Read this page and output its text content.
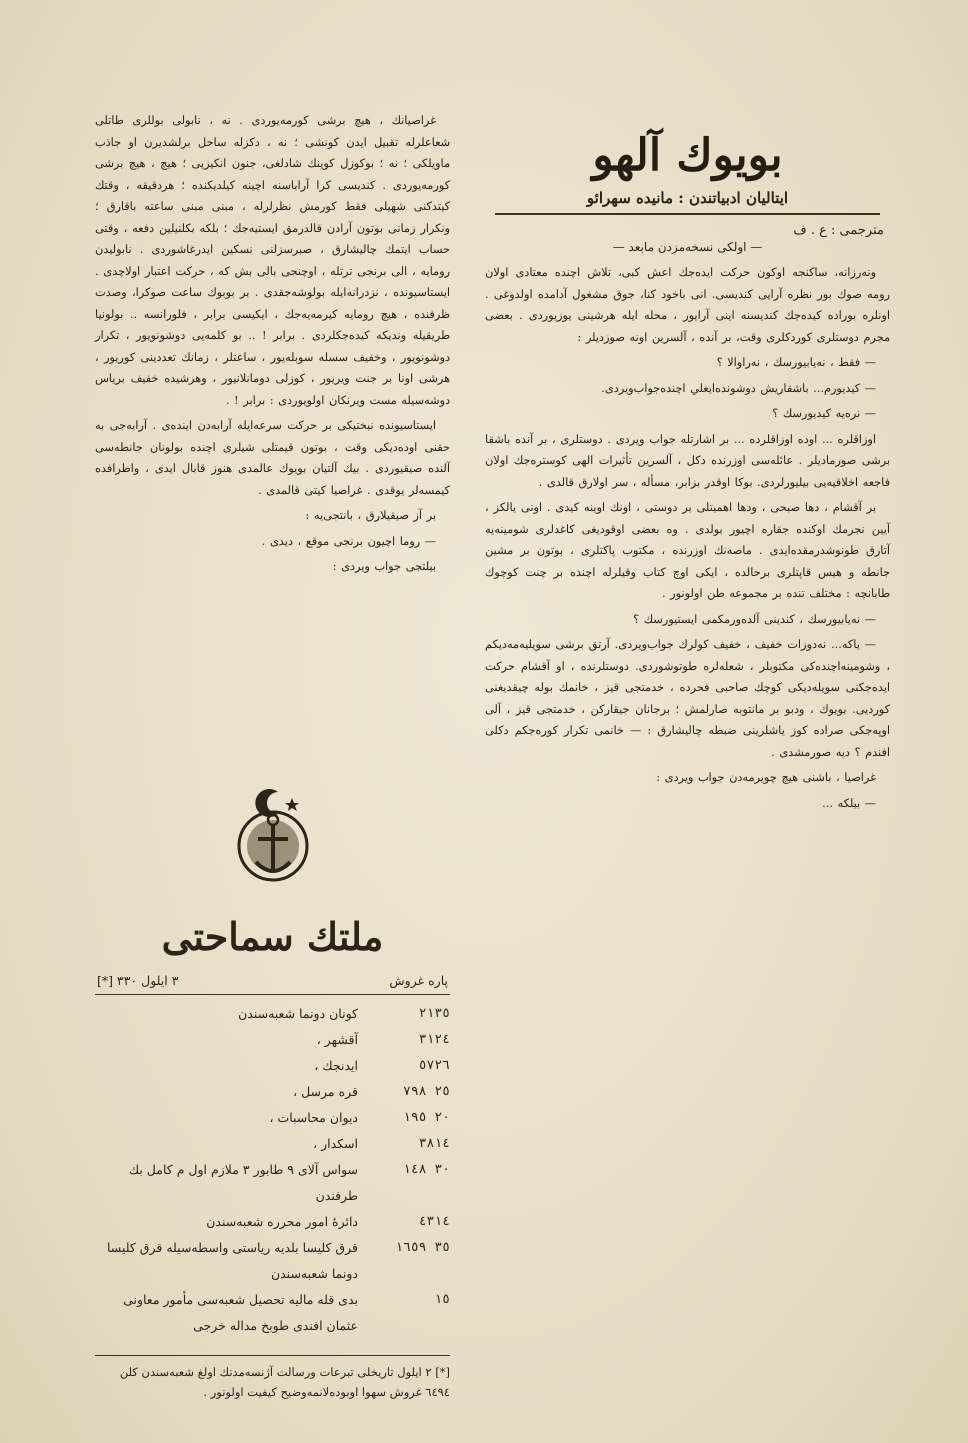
بويوك آلهو
ايتاليان ادبياتندن : مانيده سهرائو
مترجمى : ع . ف
— اولكى نسخه‌مزدن مابعد —

ونه‌رزانه، ساكنجه اوكون حركت ايده‌جك اعش كبی، تلاش اچنده معتادی اولان رومه صوك بور نظره آرايی كنديسی. انی باخود كنا، جوق مشغول آدامده اولدوغی . اونلره بوراده كيده‌جك كنديسنه اينی آرايور ، محله ايله هرشينی يوزيوردی . بعضی مجرم دوستلری كوردكلری وقت، بر آنده ، آلسرين اونه صوزديلر :

— فقط ، نه‌يابيورسك ، نه‌راوالا ؟

— كيديورم... باشقاريش دوشونده‌ايغلي اچنده‌جواب‌ويردی.

— نره‌یه كيديورسك ؟

اوزاقلره ... اوده اوزاقلرده ... بر اشارتله جواب ويردی . دوستلری ، بر آنده باشقا برشی صورمادیلر . عائله‌سی اوزرنده دكل ، آلسرين تأثيرات الهی كوستره‌جك اولان فاجعه اخلاقيه‌يی بيليورلردی. بوكا اوقدر بزابر، مسأله ، سر اولارق قالدی .

بر آقشام ، دها صبحی ، ودها اهميتلی بر دوستی ، اونك اوينه كيدی . اونی يالكز ، آيين نجرمك اوكنده جقاره اچيور بولدی . وه بعضی اوقوديغی كاغدلری شومينه‌يه آتارق طونوشدرمقده‌ایدی . ماصه‌نك اوزرنده ، مكتوب پاكتلری ، بوتون بر مشين جانطه و هيس قاپتلری برحالده ، ايكی اوچ كتاب وقيلرله اچنده بر چنت كوچوك طابانچه : مختلف تنده بر مجموعه طن اولونور .

— نه‌يابيورسك ، كندينی آلده‌ورمكمی ايستيورسك ؟

— ياكه... نه‌دوزات خفيف ، خفيف كولرك جواب‌ويردی. آرتق برشی سويليه‌مه‌ديكم ، وشومينه‌اچنده‌كی مكتوبلر ، شعله‌لره طوتوشوردی. دوستلرنده ، او آقشام حركت ايده‌جكنی سويله‌ديكی كوچك صاحبی فحرده ، خدمتجی قيز ، خانمك بوله چيقديغنی كورديی. بويوك ، ودبو بر مانتوبه صارلمش ؛ برجانان جيقاركن ، خدمتجی قيز ، آلی اوپه‌جكی صراده كوز ياشلرينی ضبطه چاليشارق : — خانمی تكرار كوره‌جكم دكلی افندم ؟ ديه صورمشدی .

غراصيا ، باشنی هيچ چويرمه‌دن جواب ويردی :

— بيلكه ...

غراصيانك ، هيچ برشی كورمه‌يوردی . نه ، نابولی بوللری طاتلی شعاعلرله تقبيل ايدن كونشی ؛ نه ، دكزله ساحل برلشديرن او جاذب ماويلكی ؛ نه ؛ بوكوزل كوينك شادلغی، جنون انكيزيی ؛ هيچ ، هيچ برشی كورمه‌يوردی . كنديسی كرا آراباسنه اچينه كيلديكنده ؛ هردقيقه ، وقتك كيتدكنی شهيلی فقط كورمش نظرلرله ، مبنی مبنی ساعته باقارق ؛ ونكرار زمانی بوتون آرادن قالدرمق ايستيه‌جك ؛ بلكه بكلنيلين دفعه ، وقتی حساب ايتمك چاليشارق ، صبرسزلنی نسكين ايدرغاشوردی . نابولیدن رومايه ، الی برنجی ترتله ، اوچنجی بالی بش كه ، حركت اعتبار اولاچدی . ايستاسيونده ، نزدرانه‌ايله بولوشه‌جقدی . بر بوبوك ساعت صوكرا، وصدت ظرفنده ، هيچ رومايه كيرمه‌يه‌جك ، ايكيسی برابر ، فلورانسه .. بولونيا طريقيله ونديكه كيده‌جكلردی . برابر ! .. بو كلمه‌يی دوشونويور ، تكرار دوشونويور ، وخفيف سسله سوبله‌يور ، ساعتلر ، زمانك تعددينی كوريور ، هرشی اونا بر جنت ويريور ، كوزلی دومانلانيور ، وهرشيده خفيف برياس دوشه‌سيله مست ويرنكان اولويوردی : برابر ! .

ايستاسيونده نبختيكی بر حركت سرعه‌ايله آرابه‌دن اينده‌ی . آرابه‌جی به حقنی اوده‌ديكی وقت ، بوتون قيمتلی شيلری اچنده بولونان جانطه‌سی آلنده صيقيوردی . بيك آلتيان بويوك عالمدی هنوز قابال ايدی ، واطرافده كيمسه‌لر يوقدی . غراصيا كيتی قالمدی .

بر آز صيقيلارق ، بانتجی‌يه :

— روما اچيون برنجی موقع ، ديدی .

بيلتجی جواب ويردی :

ملتك سماحتی
پاره غروش
٣ ايلول ٣٣٠ [*]
٢١٣٥
كونان دونما شعبه‌سندن
٣١٢٤
آقشهر ،
٥٧٢٦
ايدنجك ،
٢٥ ٧٩٨
قره مرسل ،
٢٠ ١٩٥
ديوان محاسبات ،
٣٨١٤
اسكدار ،
٣٠ ١٤٨
سواس آلای ٩ طابور ٣ ملازم اول م كامل بك طرفندن
٤٣١٤
دائرهٔ امور محرره شعبه‌سندن
٣٥ ١٦٥٩
قرق كليسا بلديه رياستی واسطه‌سيله قرق كليسا دونما شعبه‌سندن
١٥
بدی قله ماليه تحصيل شعبه‌سی مأمور معاونی عثمان افندی طوبخ مداله خرجی
[*] ٢ ايلول تاريخلی تبرعات ورسالت آژنسه‌مدنك اولغ شعبه‌سندن كلن ٦٤٩٤ غروش سهوا اوبوده‌لانمه‌وضيح كيفيت اولونور .
